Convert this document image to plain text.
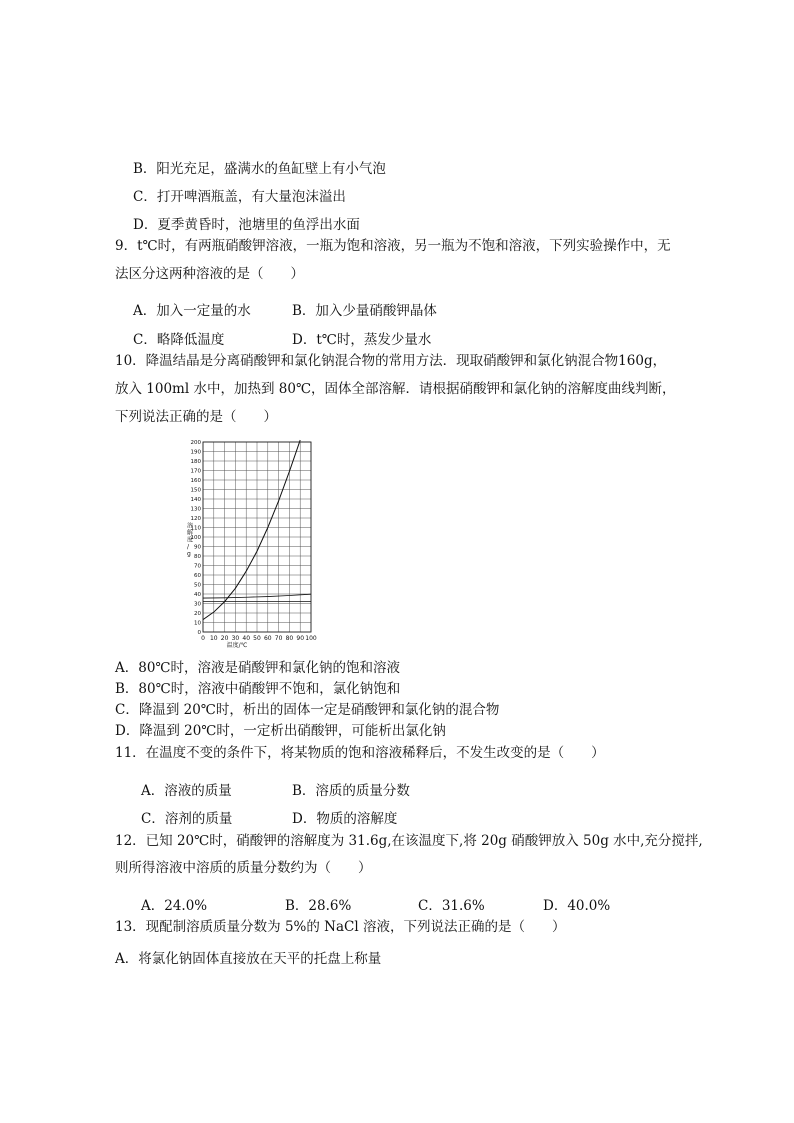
B．阳光充足，盛满水的鱼缸壁上有小气泡
C．打开啤酒瓶盖，有大量泡沫溢出
D．夏季黄昏时，池塘里的鱼浮出水面
9．t℃时，有两瓶硝酸钾溶液，一瓶为饱和溶液，另一瓶为不饱和溶液，下列实验操作中，无
法区分这两种溶液的是（　　）
A．加入一定量的水	B．加入少量硝酸钾晶体
C．略降低温度	D．t℃时，蒸发少量水
10．降温结晶是分离硝酸钾和氯化钠混合物的常用方法．现取硝酸钾和氯化钠混合物160g，
放入 100ml 水中，加热到 80℃，固体全部溶解．请根据硝酸钾和氯化钠的溶解度曲线判断，
下列说法正确的是（　　）
0 10 20 30 40 50 60 70 80 90 100
0
10
20
30
40
50
60
70
80
90
100
110
120
130
140
150
160
170
180
190
200
溶解度/ g
温度/℃
A．80℃时，溶液是硝酸钾和氯化钠的饱和溶液
B．80℃时，溶液中硝酸钾不饱和，氯化钠饱和
C．降温到 20℃时，析出的固体一定是硝酸钾和氯化钠的混合物
D．降温到 20℃时，一定析出硝酸钾，可能析出氯化钠
11．在温度不变的条件下，将某物质的饱和溶液稀释后，不发生改变的是（　　）
A．溶液的质量	B．溶质的质量分数
C．溶剂的质量	D．物质的溶解度
12．已知 20℃时，硝酸钾的溶解度为 31.6g,在该温度下,将 20g 硝酸钾放入 50g 水中,充分搅拌,
则所得溶液中溶质的质量分数约为（　　）
A．24.0%	B．28.6%	C．31.6%	D．40.0%
13．现配制溶质质量分数为 5%的 NaCl 溶液，下列说法正确的是（　　）
A．将氯化钠固体直接放在天平的托盘上称量
